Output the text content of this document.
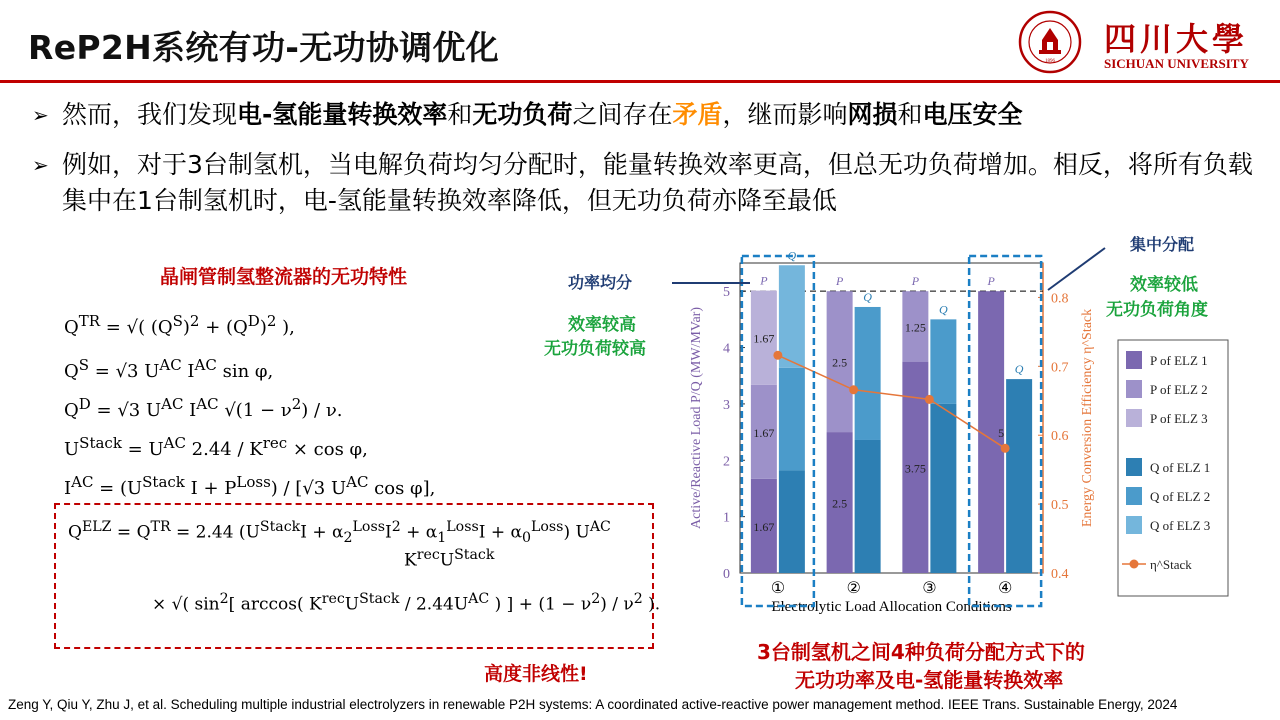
ReP2H系统有功-无功协调优化	1896
四川大學
SICHUAN UNIVERSITY
➢ 然而，我们发现电-氢能量转换效率和无功负荷之间存在矛盾，继而影响网损和电压安全
➢ 例如，对于3台制氢机，当电解负荷均匀分配时，能量转换效率更高，但总无功负荷增加。相反，将所有负载集中在1台制氢机时，电-氢能量转换效率降低，但无功负荷亦降至最低
晶闸管制氢整流器的无功特性
$Q^{TR}$ = √( $(Q^S)^2 + (Q^D)^2$ ),
$Q^S = √3$ $U^{AC}$ $I^{AC}$ sin φ,
$Q^D = √3$ $U^{AC}$ $I^{AC}$ $√(1 - \nu^2) / \nu$.
$U^{Stack} = U^{AC}$ $2.44 / K^{rec} \times \cos \varphi$,
$I^{AC} = (U^{Stack}$ $I + P^{Loss}) / [√3$ $U^{AC}$ cos φ],
$Q^{ELZ} = Q^{TR} = 2.44$ $(U^{Stack}I + \alpha_2^{Loss}I^2 + \alpha_1^{Loss}I + \alpha_0^{Loss})$ $U^{AC}$
$K^{rec}U^{Stack}$
× √( $\sin^2$[ arccos( $K^{rec}U^{Stack} / 2.44U^{AC}$ ) ] + $(1 - \nu^2) / \nu^2$ ).
高度非线性!
0
1
2
3
4
5
0.4
0.5
0.6
0.7
0.8
P
Q
①
P
Q
②
P
Q
③
P
Q
④
1.67
1.67
1.67
2.5
2.5
3.75
1.25
5
Electrolytic Load Allocation Conditions
Active/Reactive Load P/Q (MW/MVar)	Energy Conversion Efficiency η^Stack	P of ELZ 1
P of ELZ 2
P of ELZ 3
Q of ELZ 1
Q of ELZ 2
Q of ELZ 3
η^Stack
功率均分
效率较高
无功负荷较高
集中分配
效率较低
无功负荷角度
3台制氢机之间4种负荷分配方式下的
无功功率及电-氢能量转换效率
Zeng Y, Qiu Y, Zhu J, et al. Scheduling multiple industrial electrolyzers in renewable P2H systems: A coordinated active-reactive power management method. IEEE Trans. Sustainable Energy, 2024
